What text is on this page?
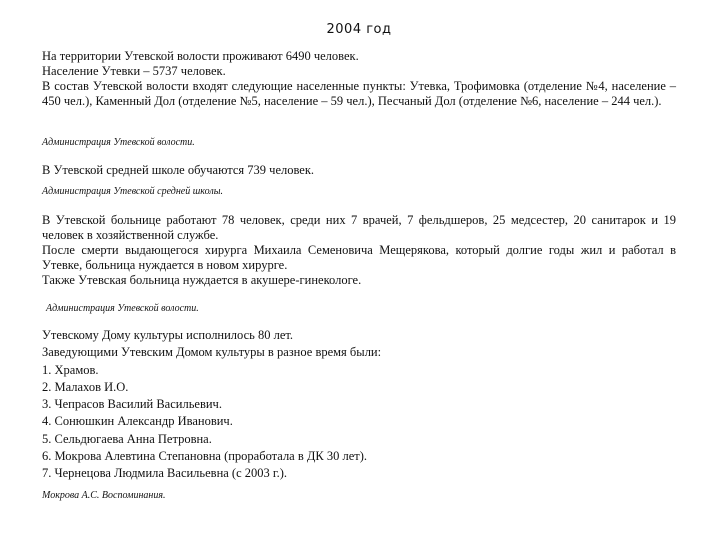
2004 год

На территории Утевской волости проживают 6490 человек.

Население Утевки – 5737 человек.

В состав Утевской волости входят следующие населенные пункты: Утевка, Трофимовка (отделение №4, население – 450 чел.), Каменный Дол (отделение №5, население – 59 чел.), Песчаный Дол (отделение №6, население – 244 чел.).

Администрация Утевской волости.

В Утевской средней школе обучаются 739 человек.

Администрация Утевской средней школы.

В Утевской больнице работают 78 человек, среди них 7 врачей, 7 фельдшеров, 25 медсестер, 20 санитарок и 19 человек в хозяйственной службе.

После смерти выдающегося хирурга Михаила Семеновича Мещерякова, который долгие годы жил и работал в Утевке, больница нуждается в новом хирурге.

Также Утевская больница нуждается в акушере-гинекологе.

Администрация Утевской волости.

Утевскому Дому культуры исполнилось 80 лет.

Заведующими Утевским Домом культуры в разное время были:

1. Храмов.

2. Малахов И.О.

3. Чепрасов Василий Васильевич.

4. Сонюшкин Александр Иванович.

5. Сельдюгаева Анна Петровна.

6. Мокрова Алевтина Степановна (проработала в ДК 30 лет).

7. Чернецова Людмила Васильевна (с 2003 г.).

Мокрова А.С. Воспоминания.
